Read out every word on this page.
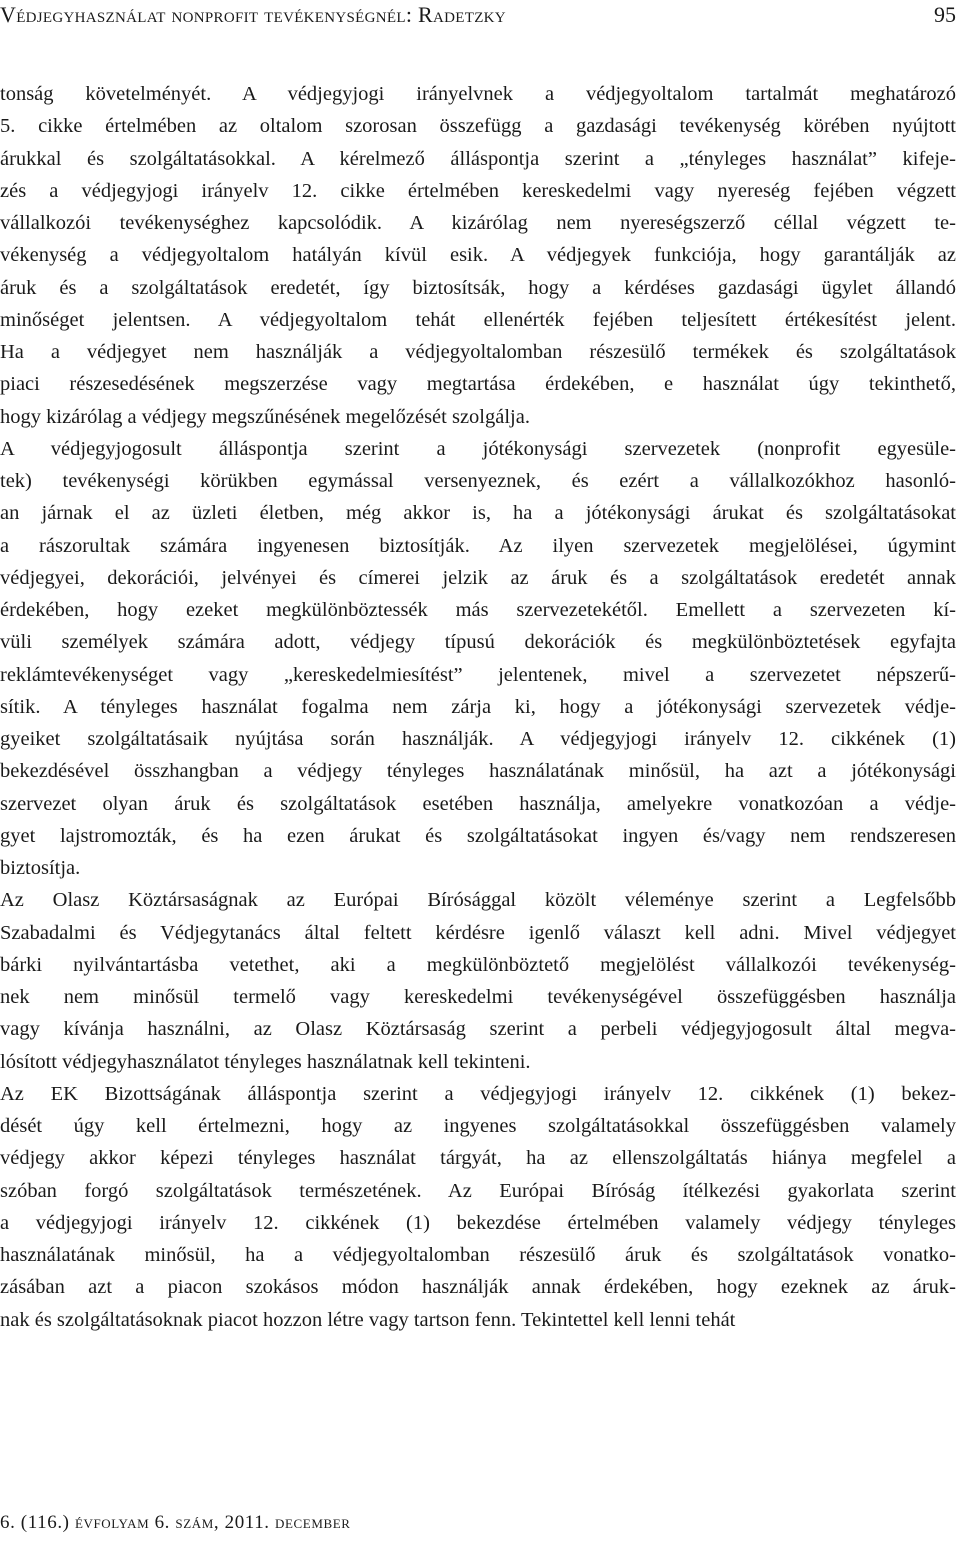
Védjegyhasználat nonprofit tevékenységnél: Radetzky	95
tonság követelményét. A védjegyjogi irányelvnek a védjegyoltalom tartalmát meghatározó
5. cikke értelmében az oltalom szorosan összefügg a gazdasági tevékenység körében nyújtott
árukkal és szolgáltatásokkal. A kérelmező álláspontja szerint a „tényleges használat” kifeje-
zés a védjegyjogi irányelv 12. cikke értelmében kereskedelmi vagy nyereség fejében végzett
vállalkozói tevékenységhez kapcsolódik. A kizárólag nem nyereségszerző céllal végzett te-
vékenység a védjegyoltalom hatályán kívül esik. A védjegyek funkciója, hogy garantálják az
áruk és a szolgáltatások eredetét, így biztosítsák, hogy a kérdéses gazdasági ügylet állandó
minőséget jelentsen. A védjegyoltalom tehát ellenérték fejében teljesített értékesítést jelent.
Ha a védjegyet nem használják a védjegyoltalomban részesülő termékek és szolgáltatások
piaci részesedésének megszerzése vagy megtartása érdekében, e használat úgy tekinthető,
hogy kizárólag a védjegy megszűnésének megelőzését szolgálja.
A védjegyjogosult álláspontja szerint a jótékonysági szervezetek (nonprofit egyesüle-
tek) tevékenységi körükben egymással versenyeznek, és ezért a vállalkozókhoz hasonló-
an járnak el az üzleti életben, még akkor is, ha a jótékonysági árukat és szolgáltatásokat
a rászorultak számára ingyenesen biztosítják. Az ilyen szervezetek megjelölései, úgymint
védjegyei, dekorációi, jelvényei és címerei jelzik az áruk és a szolgáltatások eredetét annak
érdekében, hogy ezeket megkülönböztessék más szervezetekétől. Emellett a szervezeten kí-
vüli személyek számára adott, védjegy típusú dekorációk és megkülönböztetések egyfajta
reklámtevékenységet vagy „kereskedelmiesítést” jelentenek, mivel a szervezetet népszerű-
sítik. A tényleges használat fogalma nem zárja ki, hogy a jótékonysági szervezetek védje-
gyeiket szolgáltatásaik nyújtása során használják. A védjegyjogi irányelv 12. cikkének (1)
bekezdésével összhangban a védjegy tényleges használatának minősül, ha azt a jótékonysági
szervezet olyan áruk és szolgáltatások esetében használja, amelyekre vonatkozóan a védje-
gyet lajstromozták, és ha ezen árukat és szolgáltatásokat ingyen és/vagy nem rendszeresen
biztosítja.
Az Olasz Köztársaságnak az Európai Bírósággal közölt véleménye szerint a Legfelsőbb
Szabadalmi és Védjegytanács által feltett kérdésre igenlő választ kell adni. Mivel védjegyet
bárki nyilvántartásba vetethet, aki a megkülönböztető megjelölést vállalkozói tevékenység-
nek nem minősül termelő vagy kereskedelmi tevékenységével összefüggésben használja
vagy kívánja használni, az Olasz Köztársaság szerint a perbeli védjegyjogosult által megva-
lósított védjegyhasználatot tényleges használatnak kell tekinteni.
Az EK Bizottságának álláspontja szerint a védjegyjogi irányelv 12. cikkének (1) bekez-
dését úgy kell értelmezni, hogy az ingyenes szolgáltatásokkal összefüggésben valamely
védjegy akkor képezi tényleges használat tárgyát, ha az ellenszolgáltatás hiánya megfelel a
szóban forgó szolgáltatások természetének. Az Európai Bíróság ítélkezési gyakorlata szerint
a védjegyjogi irányelv 12. cikkének (1) bekezdése értelmében valamely védjegy tényleges
használatának minősül, ha a védjegyoltalomban részesülő áruk és szolgáltatások vonatko-
zásában azt a piacon szokásos módon használják annak érdekében, hogy ezeknek az áruk-
nak és szolgáltatásoknak piacot hozzon létre vagy tartson fenn. Tekintettel kell lenni tehát
6. (116.) évfolyam 6. szám, 2011. december
